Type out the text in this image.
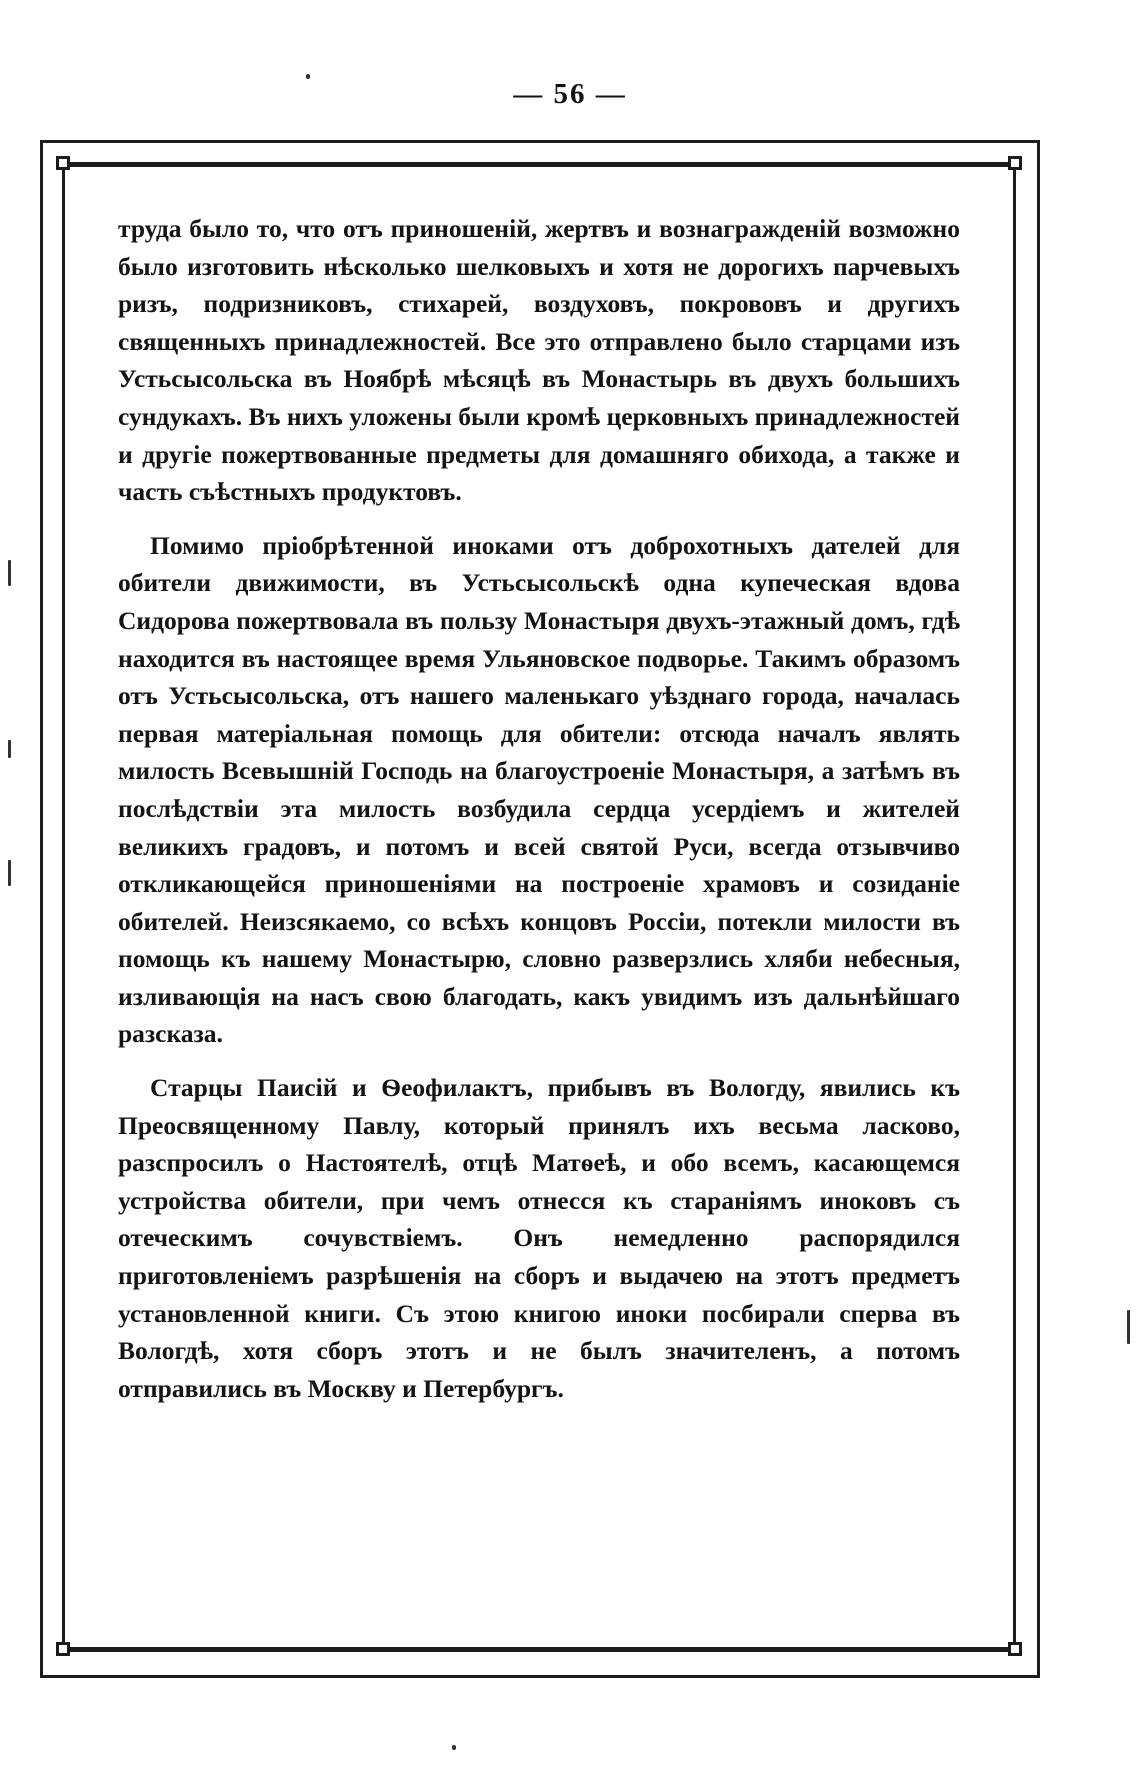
— 56 —

труда было то, что отъ приношеній, жертвъ и вознагражденій возможно было изготовить нѣсколько шелковыхъ и хотя не дорогихъ парчевыхъ ризъ, подризниковъ, стихарей, воздуховъ, покрововъ и другихъ священныхъ принадлежностей. Все это отправлено было старцами изъ Устьсысольска въ Ноябрѣ мѣсяцѣ въ Монастырь въ двухъ большихъ сундукахъ. Въ нихъ уложены были кромѣ церковныхъ принадлежностей и другіе пожертвованные предметы для домашняго обихода, а также и часть съѣстныхъ продуктовъ.

Помимо пріобрѣтенной иноками отъ доброхотныхъ дателей для обители движимости, въ Устьсысольскѣ одна купеческая вдова Сидорова пожертвовала въ пользу Монастыря двухъ-этажный домъ, гдѣ находится въ настоящее время Ульяновское подворье. Такимъ образомъ отъ Устьсысольска, отъ нашего маленькаго уѣзднаго города, началась первая матеріальная помощь для обители: отсюда началъ являть милость Всевышній Господь на благоустроеніе Монастыря, а затѣмъ въ послѣдствіи эта милость возбудила сердца усердіемъ и жителей великихъ градовъ, и потомъ и всей святой Руси, всегда отзывчиво откликающейся приношеніями на построеніе храмовъ и созиданіе обителей. Неизсякаемо, со всѣхъ концовъ Россіи, потекли милости въ помощь къ нашему Монастырю, словно разверзлись хляби небесныя, изливающія на насъ свою благодать, какъ увидимъ изъ дальнѣйшаго разсказа.

Старцы Паисій и Ѳеофилактъ, прибывъ въ Вологду, явились къ Преосвященному Павлу, который принялъ ихъ весьма ласково, разспросилъ о Настоятелѣ, отцѣ Матѳеѣ, и обо всемъ, касающемся устройства обители, при чемъ отнесся къ стараніямъ иноковъ съ отеческимъ сочувствіемъ. Онъ немедленно распорядился приготовленіемъ разрѣшенія на сборъ и выдачею на этотъ предметъ установленной книги. Съ этою книгою иноки посбирали сперва въ Вологдѣ, хотя сборъ этотъ и не былъ значителенъ, а потомъ отправились въ Москву и Петербургъ.
